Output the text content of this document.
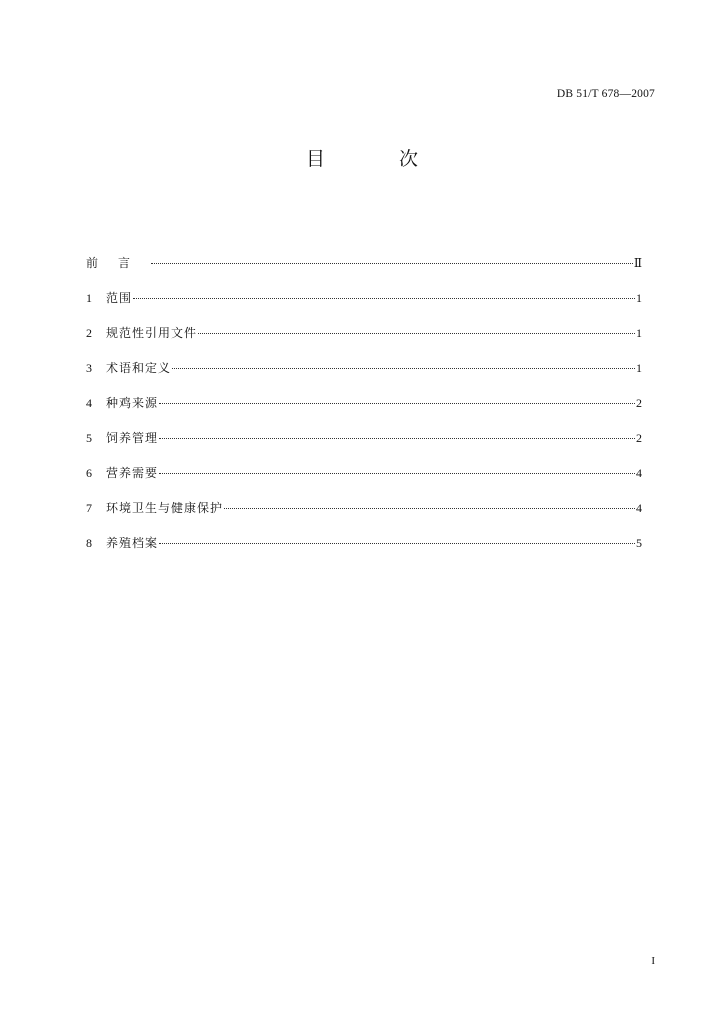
DB 51/T 678—2007
目 次
前言	Ⅱ
1	范围	1
2	规范性引用文件	1
3	术语和定义	1
4	种鸡来源	2
5	饲养管理	2
6	营养需要	4
7	环境卫生与健康保护	4
8	养殖档案	5
I
